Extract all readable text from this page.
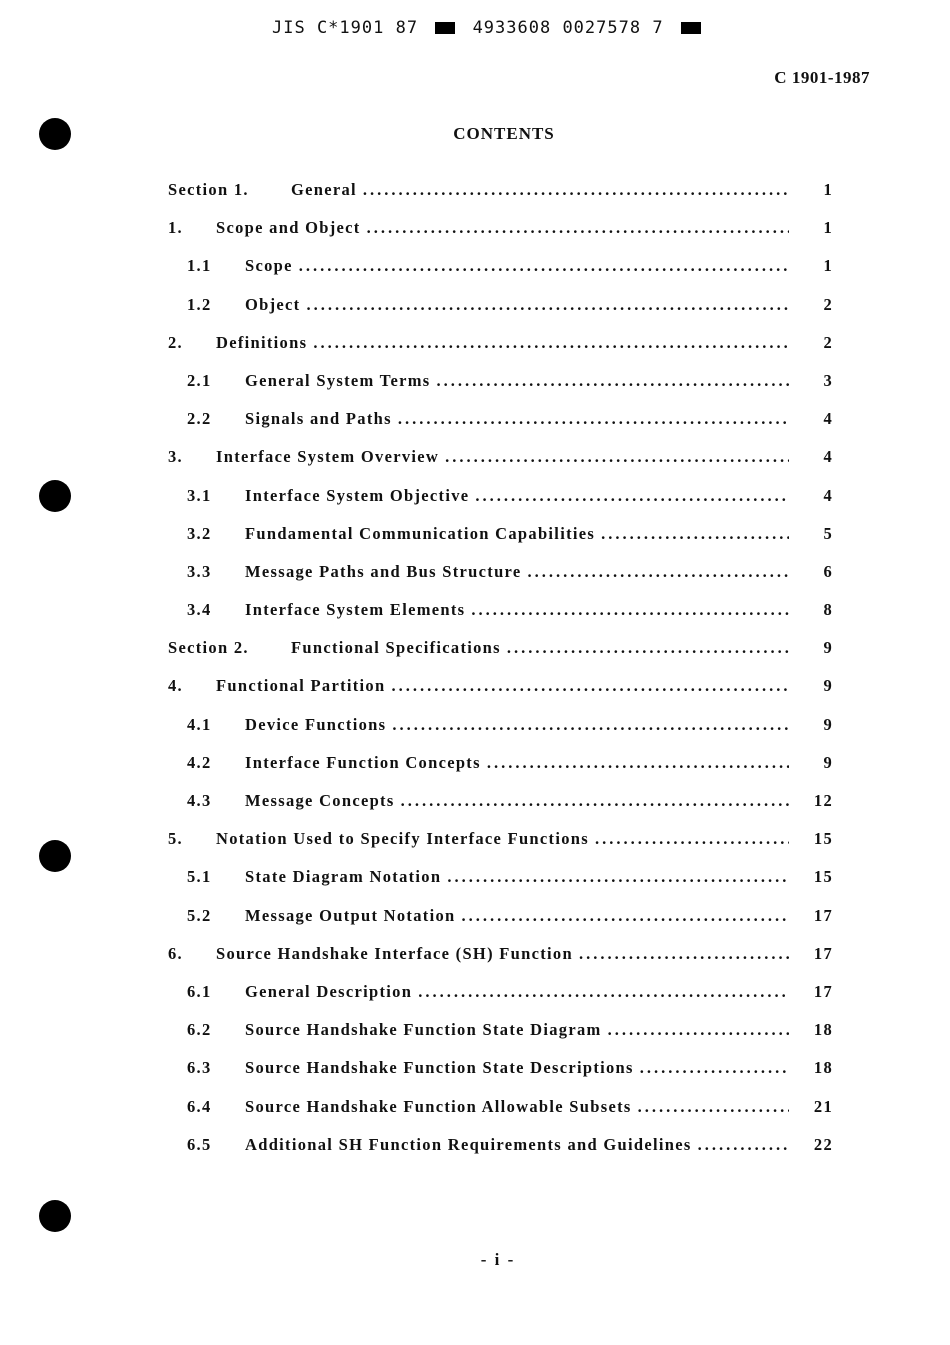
JIS C*1901 87	4933608 0027578 7
C 1901-1987
CONTENTS
Section 1.	General .....	1
1.	Scope and Object .....	1
1.1	Scope .....	1
1.2	Object .....	2
2.	Definitions .....	2
2.1	General System Terms .....	3
2.2	Signals and Paths .....	4
3.	Interface System Overview .....	4
3.1	Interface System Objective .....	4
3.2	Fundamental Communication Capabilities .....	5
3.3	Message Paths and Bus Structure .....	6
3.4	Interface System Elements .....	8
Section 2.	Functional Specifications .....	9
4.	Functional Partition .....	9
4.1	Device Functions .....	9
4.2	Interface Function Concepts .....	9
4.3	Message Concepts .....	12
5.	Notation Used to Specify Interface Functions .....	15
5.1	State Diagram Notation .....	15
5.2	Message Output Notation .....	17
6.	Source Handshake Interface (SH) Function .....	17
6.1	General Description .....	17
6.2	Source Handshake Function State Diagram .....	18
6.3	Source Handshake Function State Descriptions .....	18
6.4	Source Handshake Function Allowable Subsets .....	21
6.5	Additional SH Function Requirements and Guidelines .....	22
- i -
